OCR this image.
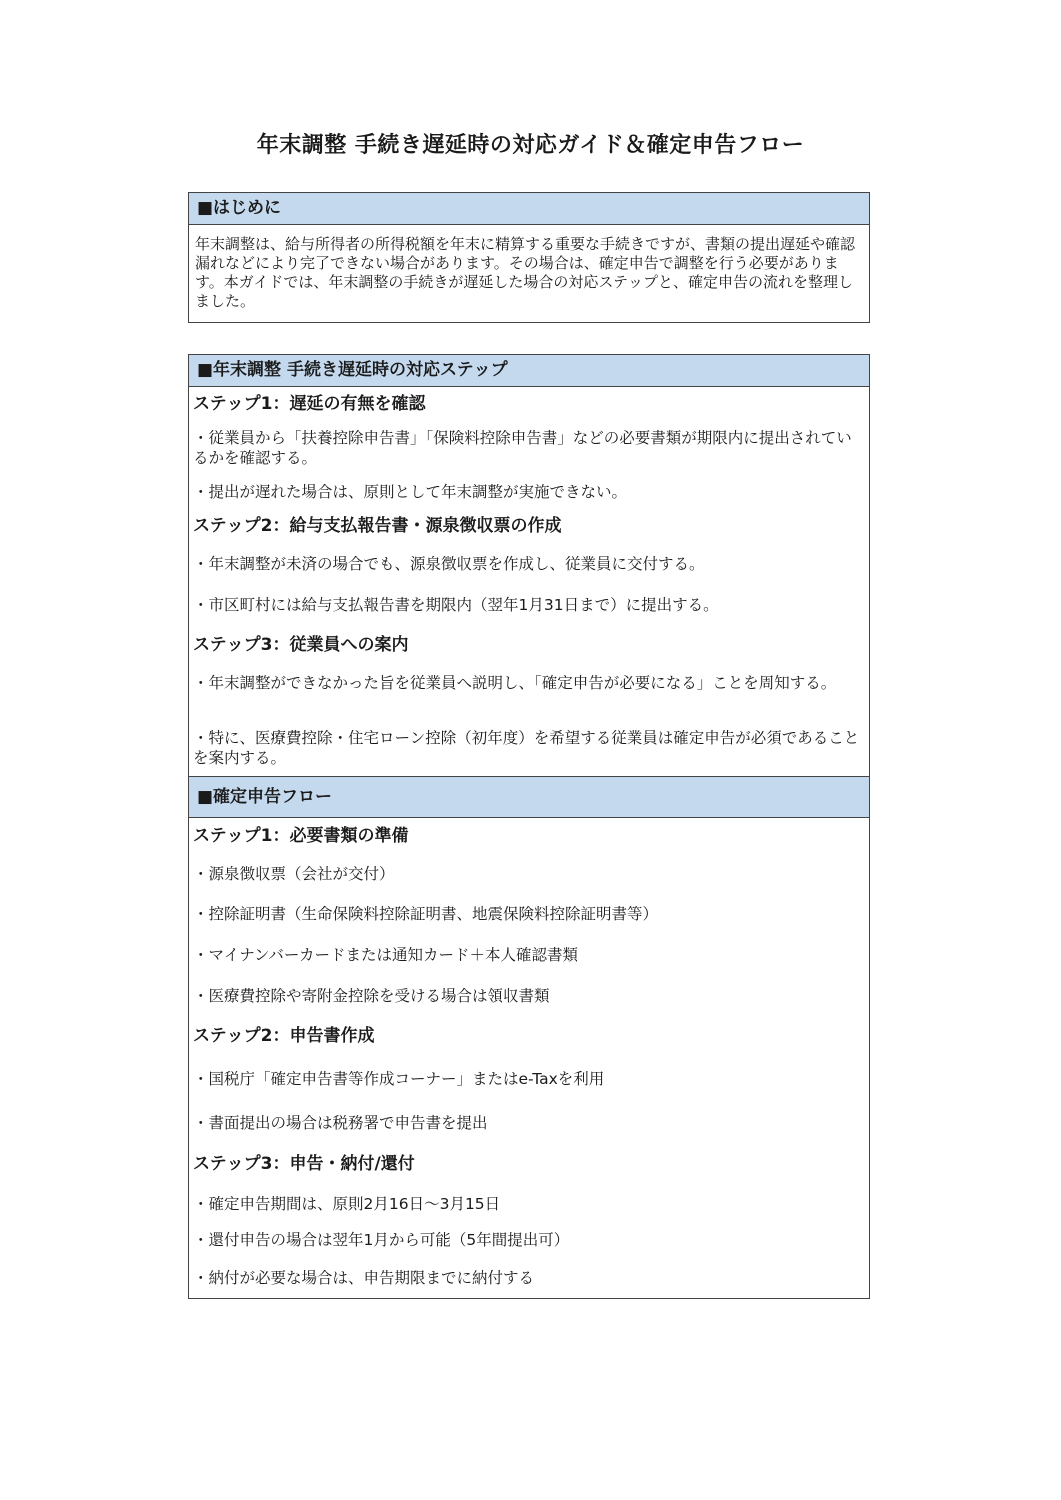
年末調整 手続き遅延時の対応ガイド＆確定申告フロー
■はじめに
年末調整は、給与所得者の所得税額を年末に精算する重要な手続きですが、書類の提出遅延や確認漏れなどにより完了できない場合があります。その場合は、確定申告で調整を行う必要があります。本ガイドでは、年末調整の手続きが遅延した場合の対応ステップと、確定申告の流れを整理しました。
■年末調整 手続き遅延時の対応ステップ
ステップ1：遅延の有無を確認
・従業員から「扶養控除申告書」「保険料控除申告書」などの必要書類が期限内に提出されているかを確認する。
・提出が遅れた場合は、原則として年末調整が実施できない。
ステップ2：給与支払報告書・源泉徴収票の作成
・年末調整が未済の場合でも、源泉徴収票を作成し、従業員に交付する。
・市区町村には給与支払報告書を期限内（翌年1月31日まで）に提出する。
ステップ3：従業員への案内
・年末調整ができなかった旨を従業員へ説明し、「確定申告が必要になる」ことを周知する。
・特に、医療費控除・住宅ローン控除（初年度）を希望する従業員は確定申告が必須であることを案内する。
■確定申告フロー
ステップ1：必要書類の準備
・源泉徴収票（会社が交付）
・控除証明書（生命保険料控除証明書、地震保険料控除証明書等）
・マイナンバーカードまたは通知カード＋本人確認書類
・医療費控除や寄附金控除を受ける場合は領収書類
ステップ2：申告書作成
・国税庁「確定申告書等作成コーナー」またはe-Taxを利用
・書面提出の場合は税務署で申告書を提出
ステップ3：申告・納付/還付
・確定申告期間は、原則2月16日～3月15日
・還付申告の場合は翌年1月から可能（5年間提出可）
・納付が必要な場合は、申告期限までに納付する
